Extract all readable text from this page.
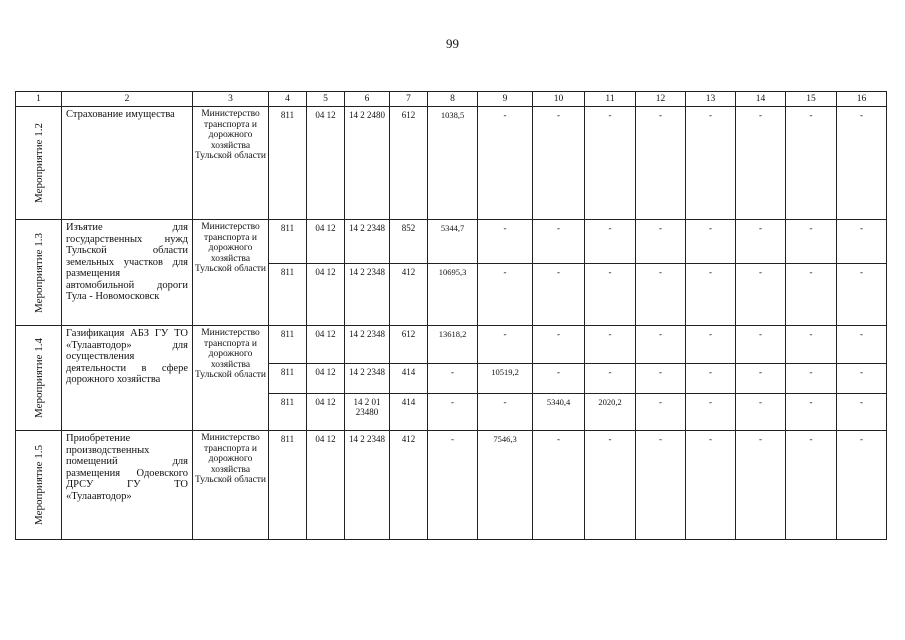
99
1	2	3	4	5	6	7	8	9	10	11	12	13	14	15	16

Мероприятие 1.2	Страхование имущества	Министерство транспорта и дорожного хозяйства Тульской области	811	04 12	14 2 2480	612	1038,5	-	-	-	-	-	-	-	-

Мероприятие 1.3	Изъятие для государственных нужд Тульской области земельных участков для размещения автомобильной дороги Тула - Новомосковск	Министерство транспорта и дорожного хозяйства Тульской области	811	04 12	14 2 2348	852	5344,7	-	-	-	-	-	-	-	-
			811	04 12	14 2 2348	412	10695,3	-	-	-	-	-	-	-	-

Мероприятие 1.4	Газификация АБЗ ГУ ТО «Тулаавтодор» для осуществления деятельности в сфере дорожного хозяйства	Министерство транспорта и дорожного хозяйства Тульской области	811	04 12	14 2 2348	612	13618,2	-	-	-	-	-	-	-	-
			811	04 12	14 2 2348	414	-	10519,2	-	-	-	-	-	-	-
			811	04 12	14 2 01 23480	414	-	-	5340,4	2020,2	-	-	-	-	-

Мероприятие 1.5	Приобретение производственных помещений для размещения Одоевского ДРСУ ГУ ТО «Тулаавтодор»	Министерство транспорта и дорожного хозяйства Тульской области	811	04 12	14 2 2348	412	-	7546,3	-	-	-	-	-	-	-
